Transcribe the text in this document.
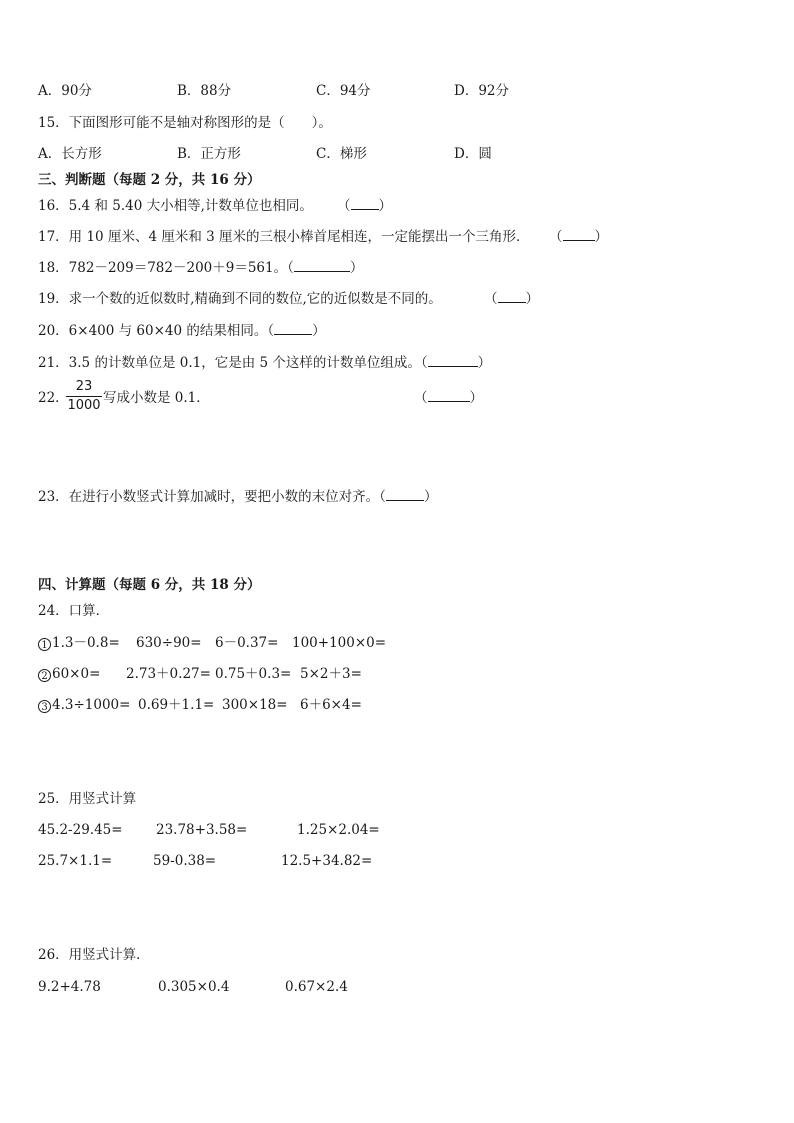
A．90分	B．88分	C．94分	D．92分
15．下面图形可能不是轴对称图形的是（　　）。
A．长方形	B．正方形	C．梯形	D．圆
三、判断题（每题 2 分，共 16 分）
16．5.4 和 5.40 大小相等,计数单位也相同。 （ ）
17．用 10 厘米、4 厘米和 3 厘米的三根小棒首尾相连，一定能摆出一个三角形． （ ）
18．782－209＝782－200＋9＝561。（	）
19．求一个数的近似数时,精确到不同的数位,它的近似数是不同的。	（ ）
20．6×400 与 60×40 的结果相同。（	）
21．3.5 的计数单位是 0.1，它是由 5 个这样的计数单位组成。（	）
22．
23
1000 写成小数是 0.1．	（	）
23．在进行小数竖式计算加减时，要把小数的末位对齐。（	）
四、计算题（每题 6 分，共 18 分）
24．口算．
1 1.3－0.8= 630÷90= 6－0.37= 100+100×0=
2 60×0= 2.73＋0.27= 0.75＋0.3= 5×2＋3=
3 4.3÷1000= 0.69＋1.1= 300×18= 6＋6×4=
25．用竖式计算
45.2-29.45= 23.78+3.58=	1.25×2.04=
25.7×1.1=	59-0.38=	12.5+34.82=
26．用竖式计算．
9.2+4.78	0.305×0.4	0.67×2.4
